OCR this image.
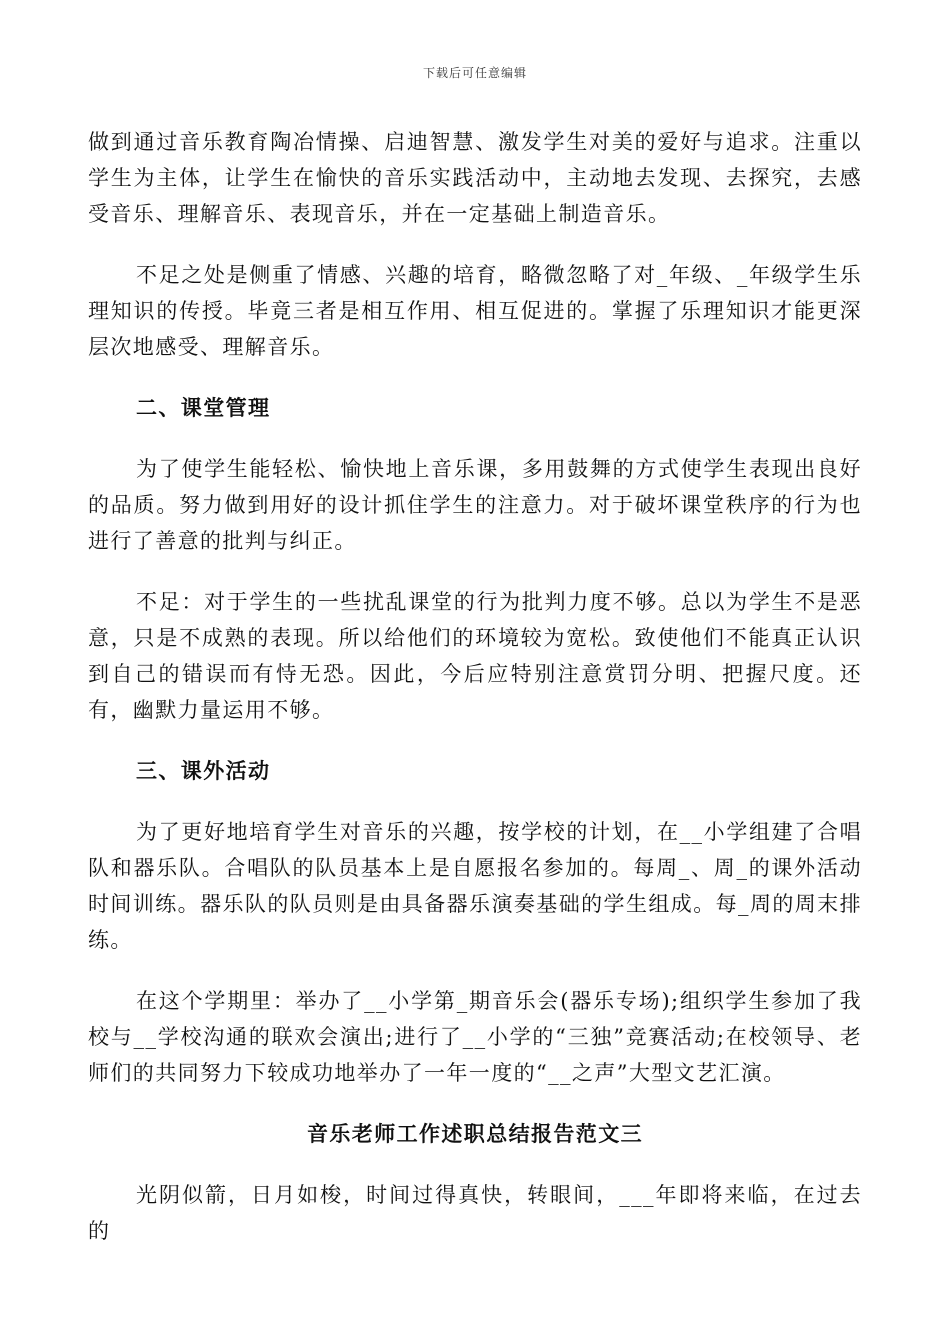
下载后可任意编辑

做到通过音乐教育陶冶情操、启迪智慧、激发学生对美的爱好与追求。注重以学生为主体，让学生在愉快的音乐实践活动中，主动地去发现、去探究，去感受音乐、理解音乐、表现音乐，并在一定基础上制造音乐。

不足之处是侧重了情感、兴趣的培育，略微忽略了对_年级、_年级学生乐理知识的传授。毕竟三者是相互作用、相互促进的。掌握了乐理知识才能更深层次地感受、理解音乐。

二、课堂管理

为了使学生能轻松、愉快地上音乐课，多用鼓舞的方式使学生表现出良好的品质。努力做到用好的设计抓住学生的注意力。对于破坏课堂秩序的行为也进行了善意的批判与纠正。

不足：对于学生的一些扰乱课堂的行为批判力度不够。总以为学生不是恶意，只是不成熟的表现。所以给他们的环境较为宽松。致使他们不能真正认识到自己的错误而有恃无恐。因此，今后应特别注意赏罚分明、把握尺度。还有，幽默力量运用不够。

三、课外活动

为了更好地培育学生对音乐的兴趣，按学校的计划，在__小学组建了合唱队和器乐队。合唱队的队员基本上是自愿报名参加的。每周_、周_的课外活动时间训练。器乐队的队员则是由具备器乐演奏基础的学生组成。每_周的周末排练。

在这个学期里：举办了__小学第_期音乐会(器乐专场);组织学生参加了我校与__学校沟通的联欢会演出;进行了__小学的“三独”竞赛活动;在校领导、老师们的共同努力下较成功地举办了一年一度的“__之声”大型文艺汇演。

音乐老师工作述职总结报告范文三

光阴似箭，日月如梭，时间过得真快，转眼间，___年即将来临，在过去的
